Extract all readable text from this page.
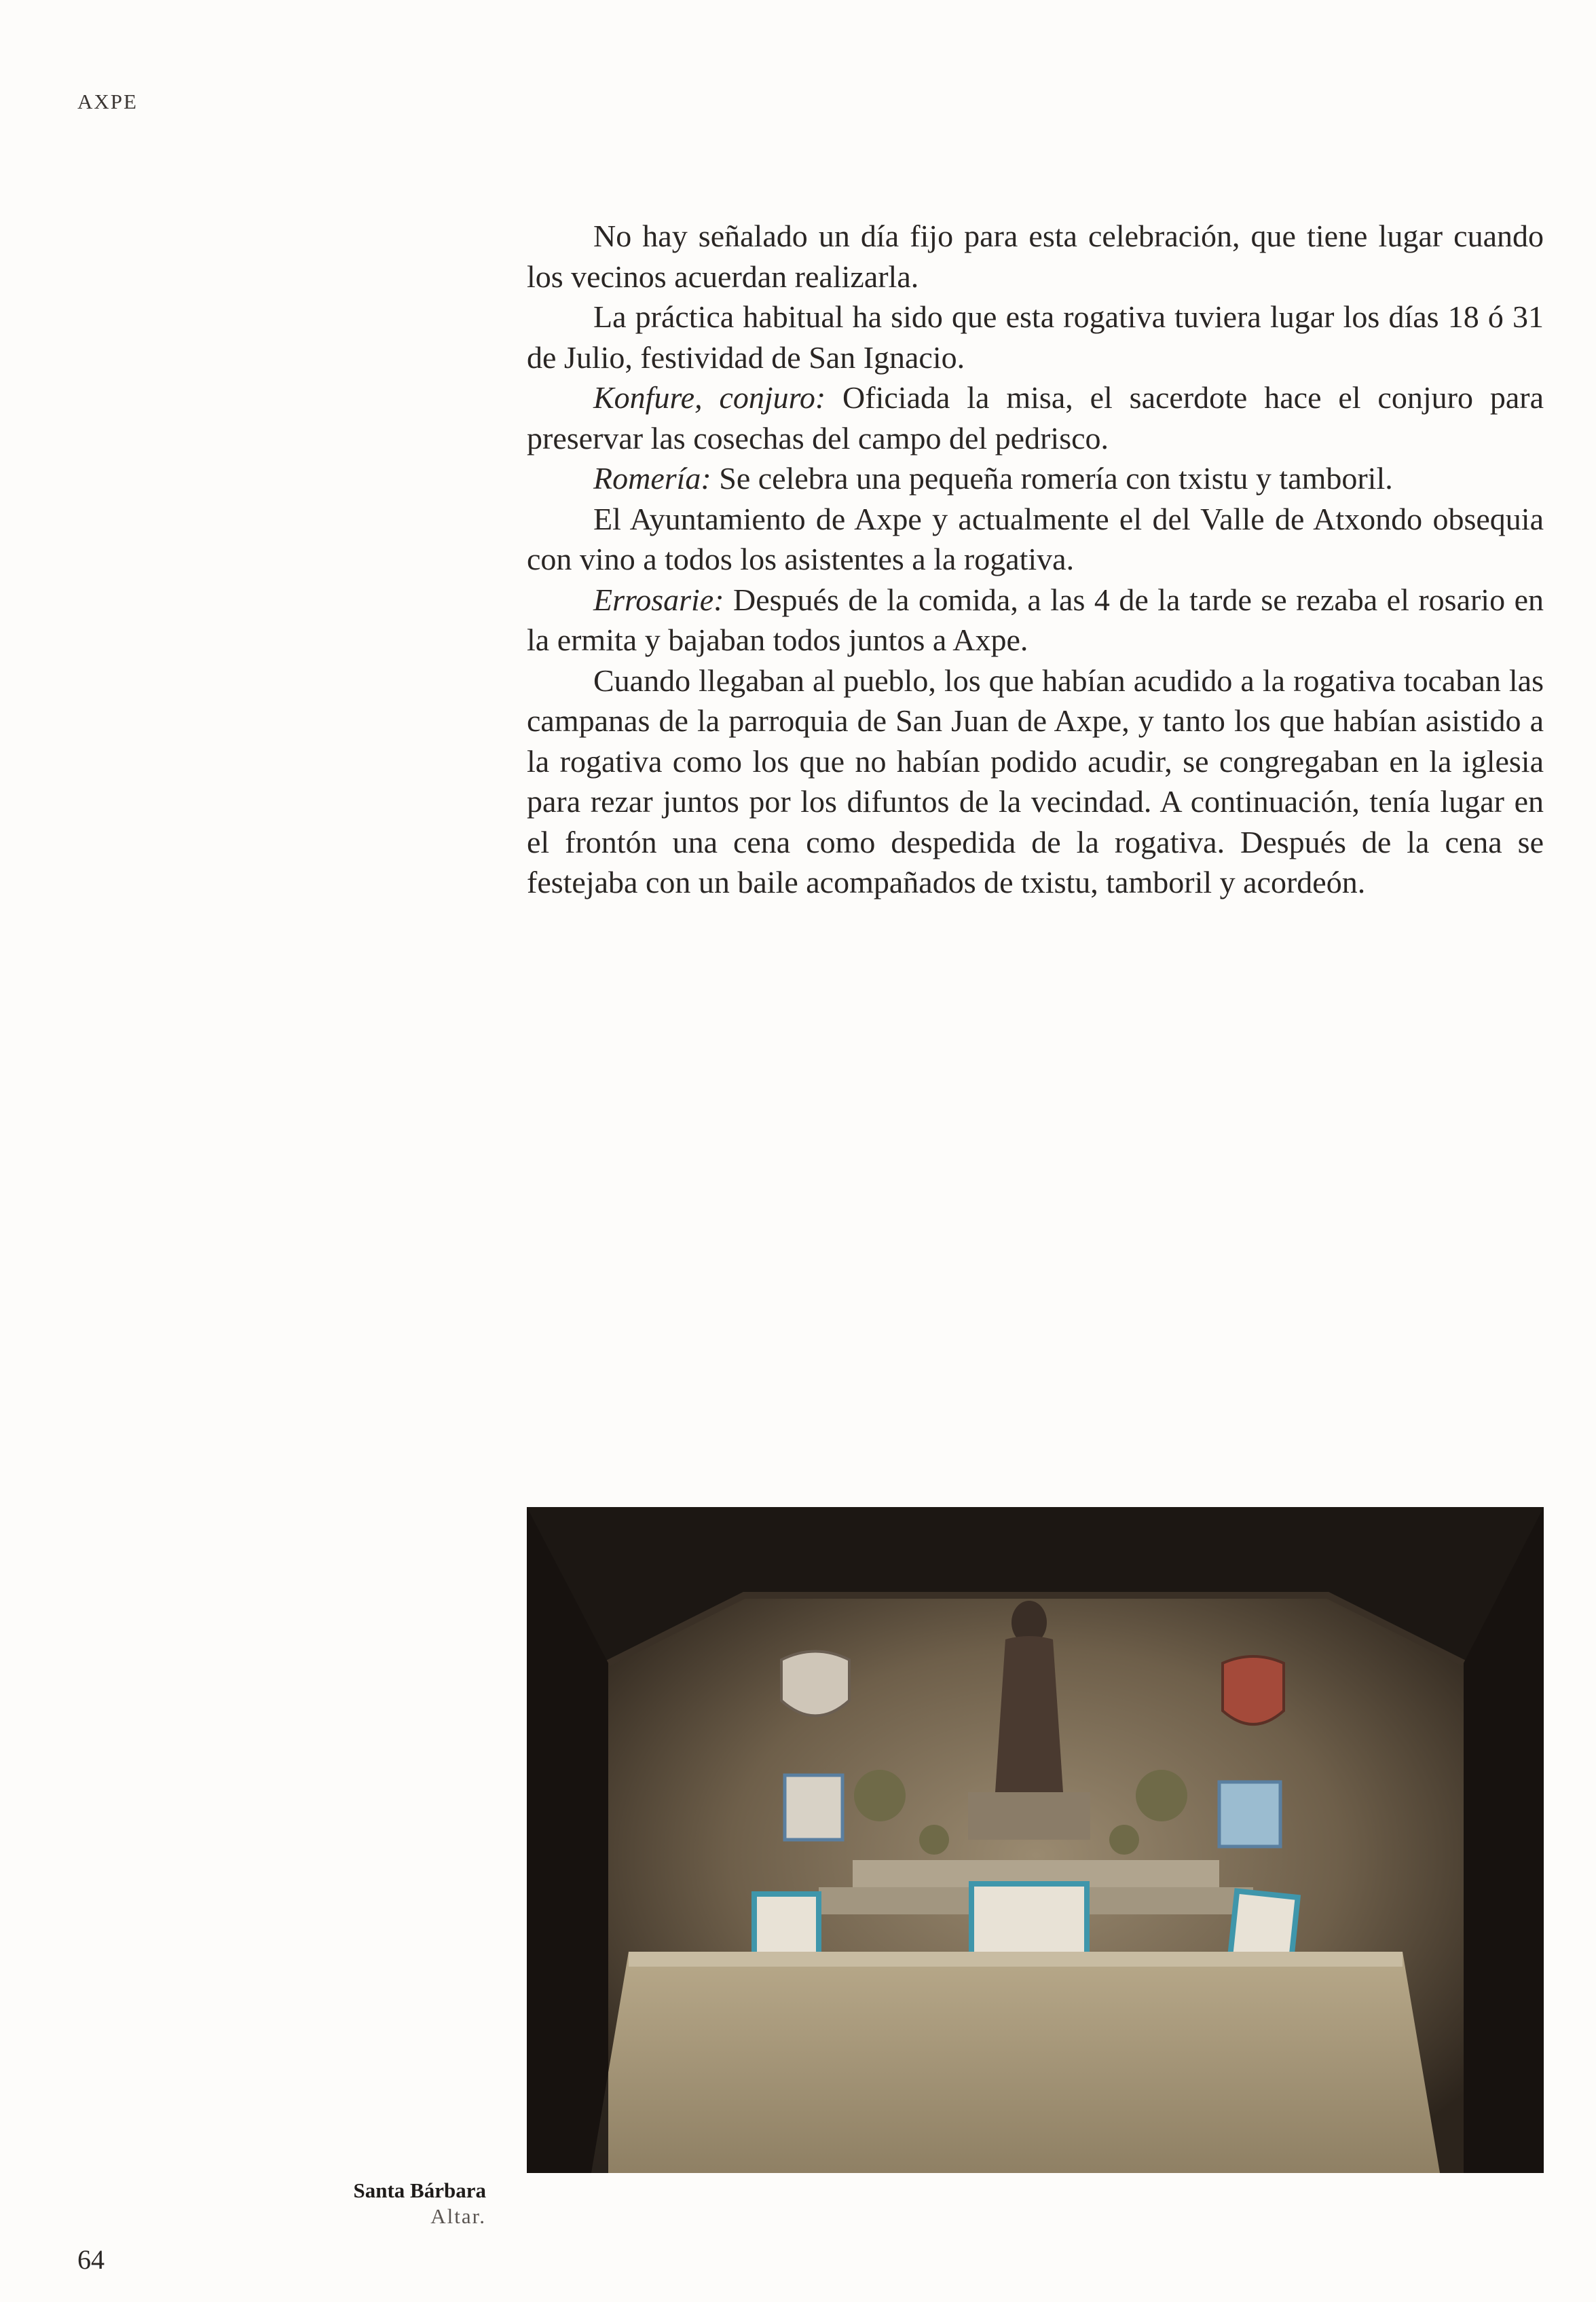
AXPE

No hay señalado un día fijo para esta celebración, que tiene lugar cuando los vecinos acuerdan realizarla.

La práctica habitual ha sido que esta rogativa tuviera lugar los días 18 ó 31 de Julio, festividad de San Ignacio.

Konfure, conjuro: Oficiada la misa, el sacerdote hace el conjuro para preservar las cosechas del campo del pedrisco.

Romería: Se celebra una pequeña romería con txistu y tamboril.

El Ayuntamiento de Axpe y actualmente el del Valle de Atxondo obsequia con vino a todos los asistentes a la rogativa.

Errosarie: Después de la comida, a las 4 de la tarde se rezaba el rosario en la ermita y bajaban todos juntos a Axpe.

Cuando llegaban al pueblo, los que habían acudido a la rogativa tocaban las campanas de la parroquia de San Juan de Axpe, y tanto los que habían asistido a la rogativa como los que no habían podido acudir, se congregaban en la iglesia para rezar juntos por los difuntos de la vecindad. A continuación, tenía lugar en el frontón una cena como despedida de la rogativa. Después de la cena se festejaba con un baile acompañados de txistu, tamboril y acordeón.

Santa Bárbara
Altar.
64
